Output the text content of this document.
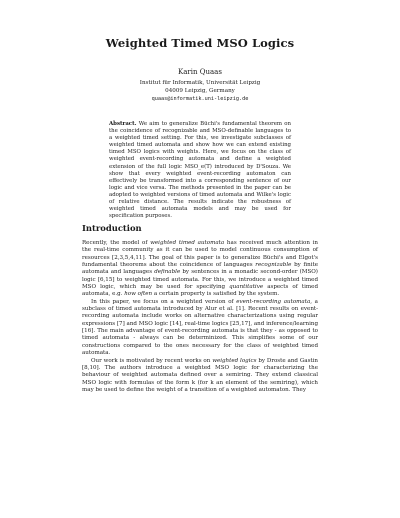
Weighted Timed MSO Logics
Karin Quaas
Institut für Informatik, Universität Leipzig
04009 Leipzig, Germany
quaas@informatik.uni-leipzig.de
Abstract. We aim to generalize Büchi's fundamental theorem on the coincidence of recognizable and MSO-definable languages to a weighted timed setting. For this, we investigate subclasses of weighted timed automata and show how we can extend existing timed MSO logics with weights. Here, we focus on the class of weighted event-recording automata and define a weighted extension of the full logic MSO_e(T) introduced by D'Souza. We show that every weighted event-recording automaton can effectively be transformed into a corresponding sentence of our logic and vice versa. The methods presented in the paper can be adopted to weighted versions of timed automata and Wilke's logic of relative distance. The results indicate the robustness of weighted timed automata models and may be used for specification purposes.
Introduction

Recently, the model of weighted timed automata has received much attention in the real-time community as it can be used to model continuous consumption of resources [2,3,5,4,11]. The goal of this paper is to generalize Büchi's and Elgot's fundamental theorems about the coincidence of languages recognizable by finite automata and languages definable by sentences in a monadic second-order (MSO) logic [6,15] to weighted timed automata. For this, we introduce a weighted timed MSO logic, which may be used for specifying quantitative aspects of timed automata, e.g. how often a certain property is satisfied by the system.

In this paper, we focus on a weighted version of event-recording automata, a subclass of timed automata introduced by Alur et al. [1]. Recent results on event-recording automata include works on alternative characterizations using regular expressions [7] and MSO logic [14], real-time logics [25,17], and inference/learning [16]. The main advantage of event-recording automata is that they - as opposed to timed automata - always can be determinized. This simplifies some of our constructions compared to the ones necessary for the class of weighted timed automata.

Our work is motivated by recent works on weighted logics by Droste and Gastin [8,10]. The authors introduce a weighted MSO logic for characterizing the behaviour of weighted automata defined over a semiring. They extend classical MSO logic with formulas of the form k (for k an element of the semiring), which may be used to define the weight of a transition of a weighted automaton. They
